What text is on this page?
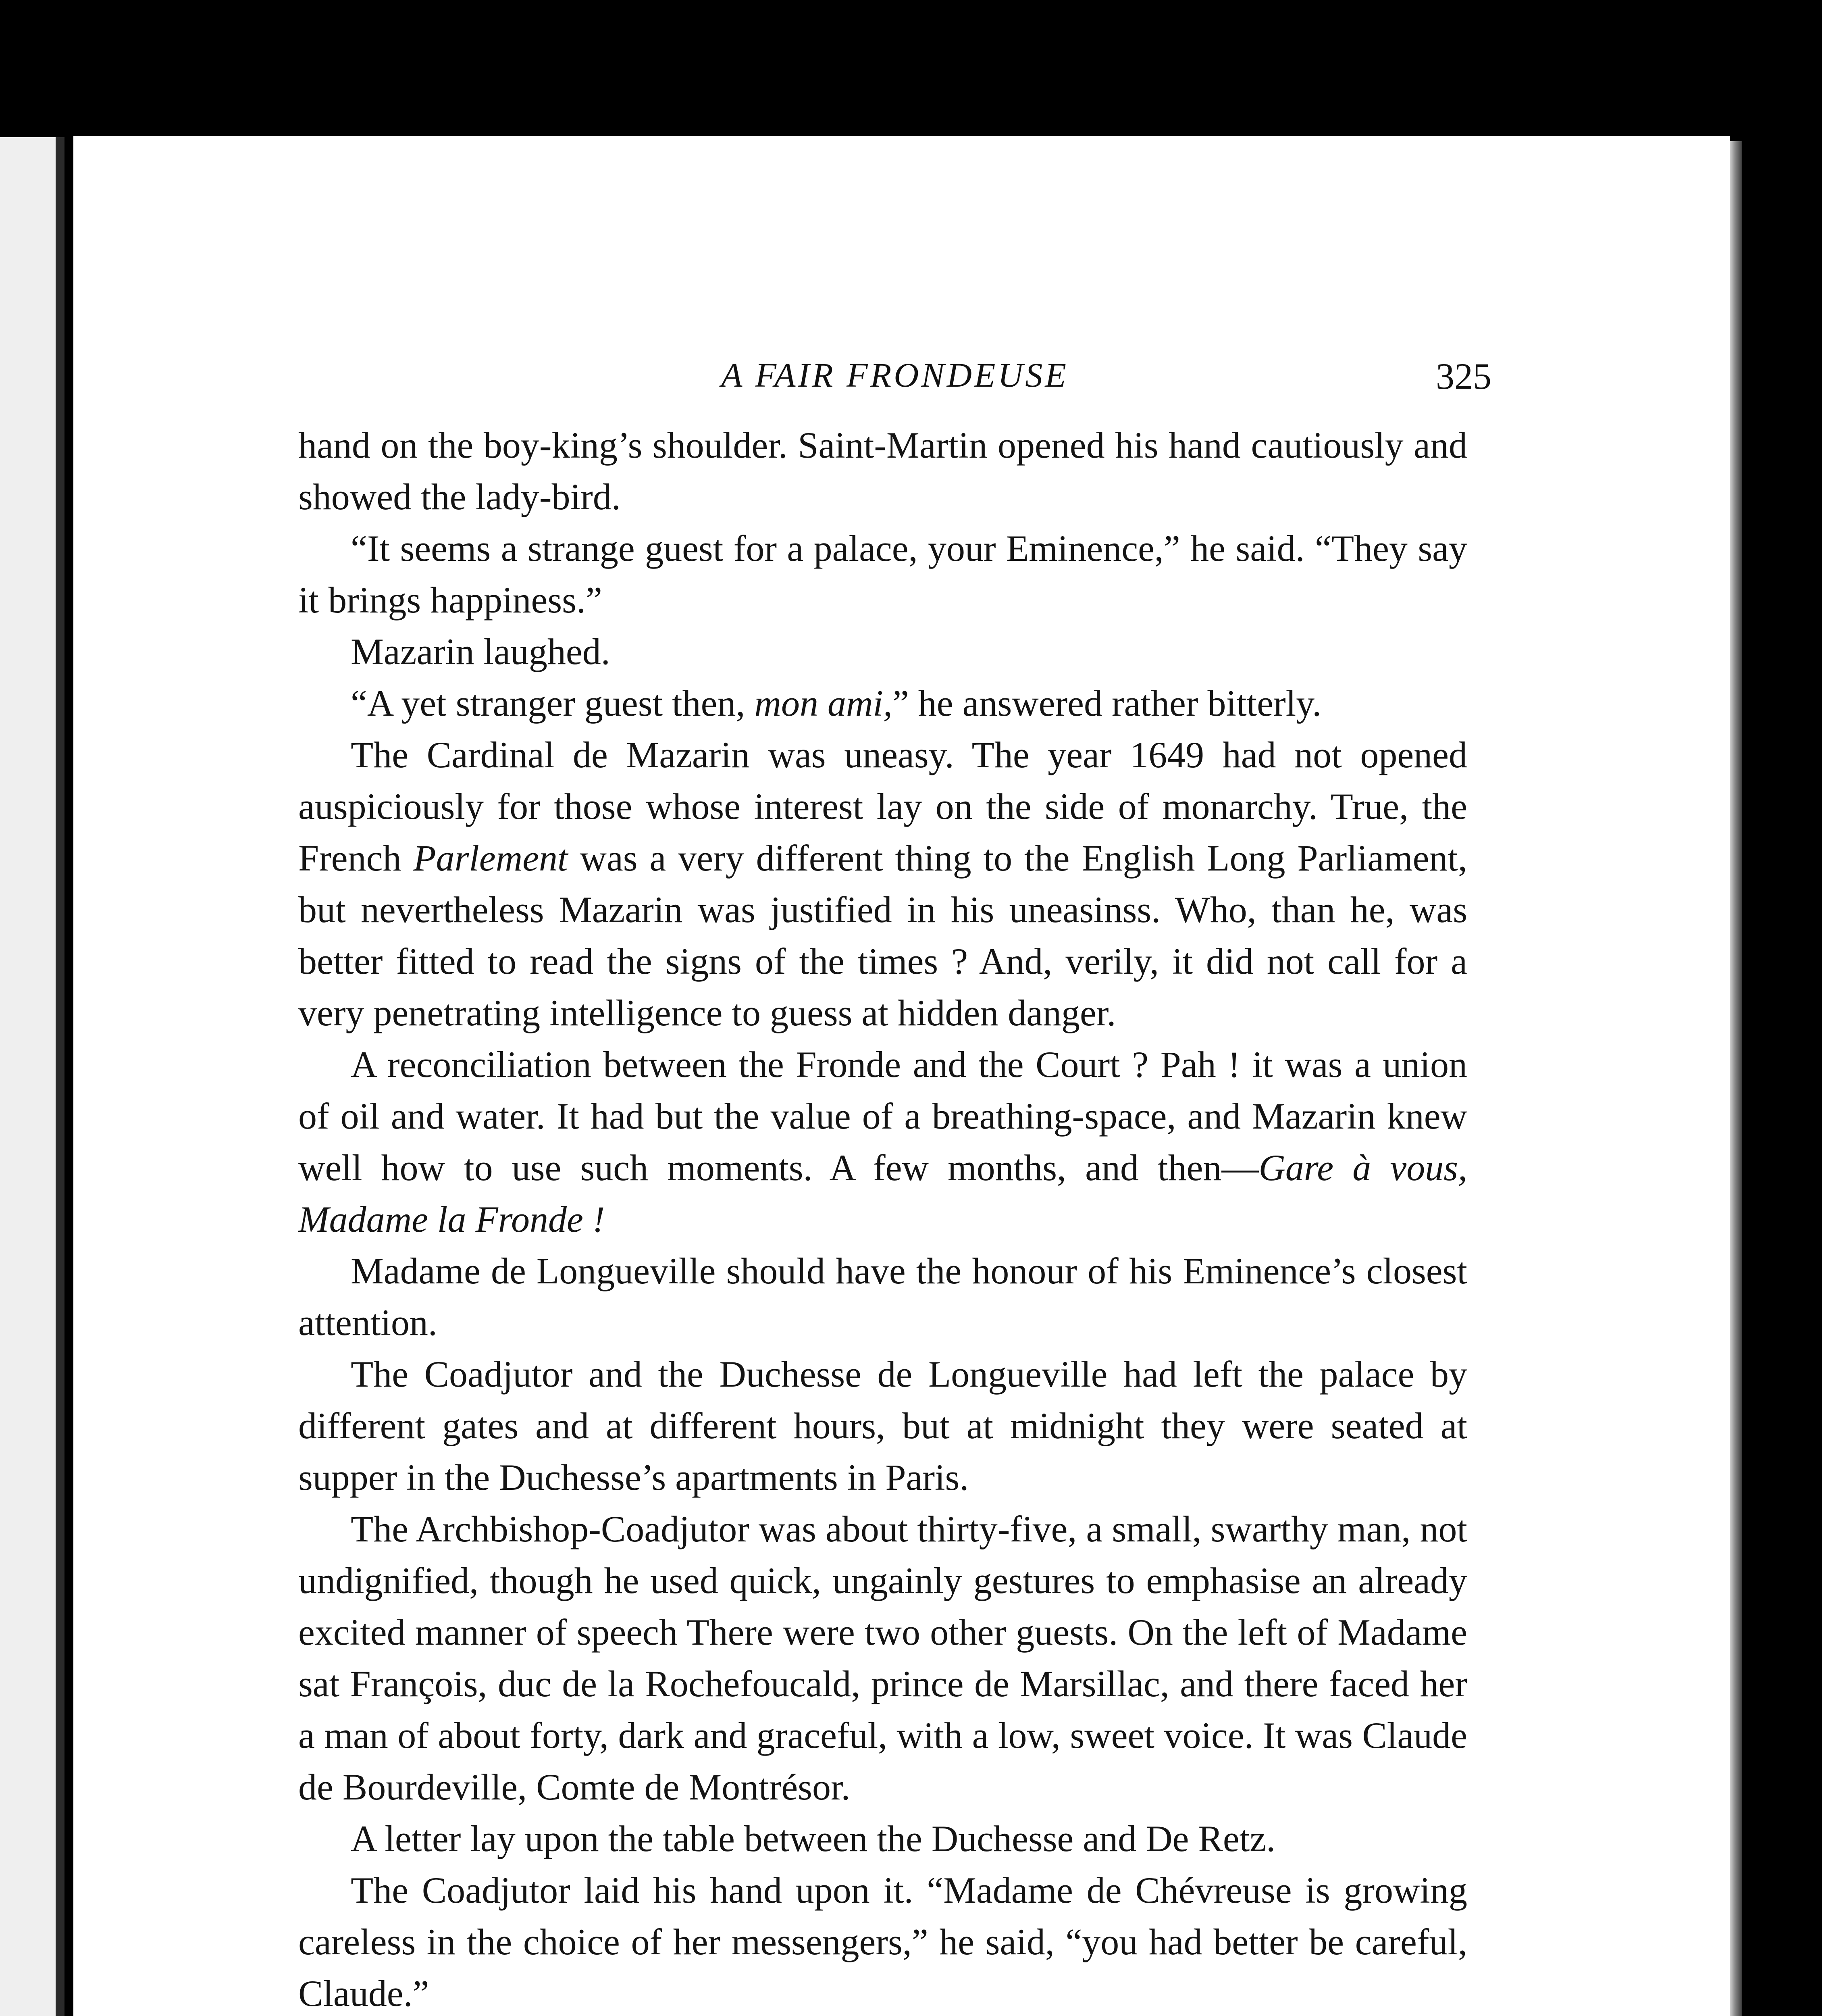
A FAIR FRONDEUSE	325

hand on the boy-king’s shoulder. Saint-Martin opened his hand cautiously and showed the lady-bird.

“It seems a strange guest for a palace, your Eminence,” he said. “They say it brings happiness.”

Mazarin laughed.

“A yet stranger guest then, mon ami,” he answered rather bitterly.

The Cardinal de Mazarin was uneasy. The year 1649 had not opened auspiciously for those whose interest lay on the side of monarchy. True, the French Parlement was a very different thing to the English Long Parliament, but nevertheless Mazarin was justified in his uneasinss. Who, than he, was better fitted to read the signs of the times ? And, verily, it did not call for a very penetrating intelligence to guess at hidden danger.

A reconciliation between the Fronde and the Court ? Pah ! it was a union of oil and water. It had but the value of a breathing-space, and Mazarin knew well how to use such moments. A few months, and then—Gare à vous, Madame la Fronde !

Madame de Longueville should have the honour of his Eminence’s closest attention.

The Coadjutor and the Duchesse de Longueville had left the palace by different gates and at different hours, but at midnight they were seated at supper in the Duchesse’s apartments in Paris.

The Archbishop-Coadjutor was about thirty-five, a small, swarthy man, not undignified, though he used quick, ungainly gestures to emphasise an already excited manner of speech There were two other guests. On the left of Madame sat François, duc de la Rochefoucald, prince de Marsillac, and there faced her a man of about forty, dark and graceful, with a low, sweet voice. It was Claude de Bourdeville, Comte de Montrésor.

A letter lay upon the table between the Duchesse and De Retz.

The Coadjutor laid his hand upon it. “Madame de Chévreuse is growing careless in the choice of her messengers,” he said, “you had better be careful, Claude.”
